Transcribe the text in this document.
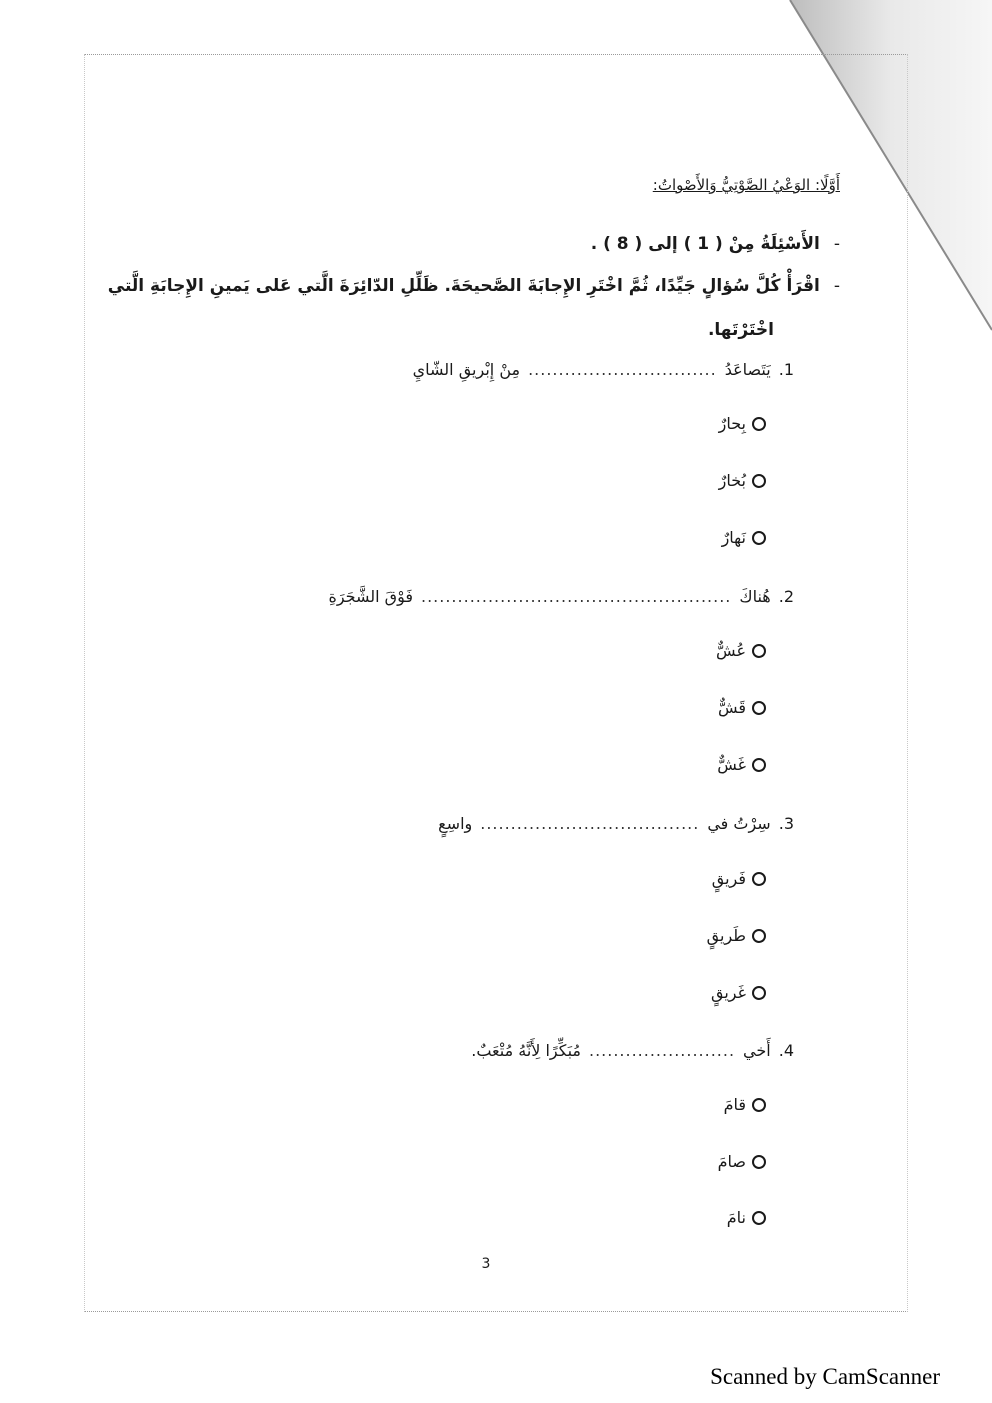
أَوَّلًا: الوَعْيُ الصَّوْتِيُّ وَالأَصْواتُ:
-
الأَسْئِلَةُ مِنْ ( 1 ) إلى ( 8 ) .
-
اقْرَأْ كُلَّ سُؤالٍ جَيِّدًا، ثُمَّ اخْتَرِ الإِجابَةَ الصَّحيحَةَ. ظَلِّلِ الدّائِرَةَ الَّتي عَلى يَمينِ الإِجابَةِ الَّتي
اخْتَرْتَها.
1.
يَتَصاعَدُ
...............................
مِنْ إِبْريقِ الشّايِ
بِحارٌ
بُخارٌ
نَهارٌ
2.
هُناكَ
...................................................
فَوْقَ الشَّجَرَةِ
عُشٌّ
قَشٌّ
غَشٌّ
3.
سِرْتُ في
....................................
واسِعٍ
فَريقٍ
طَريقٍ
غَريقٍ
4.
أَخي
........................
مُبَكِّرًا لِأَنَّهُ مُتْعَبٌ.
قامَ
صامَ
نامَ
3
Scanned by CamScanner
